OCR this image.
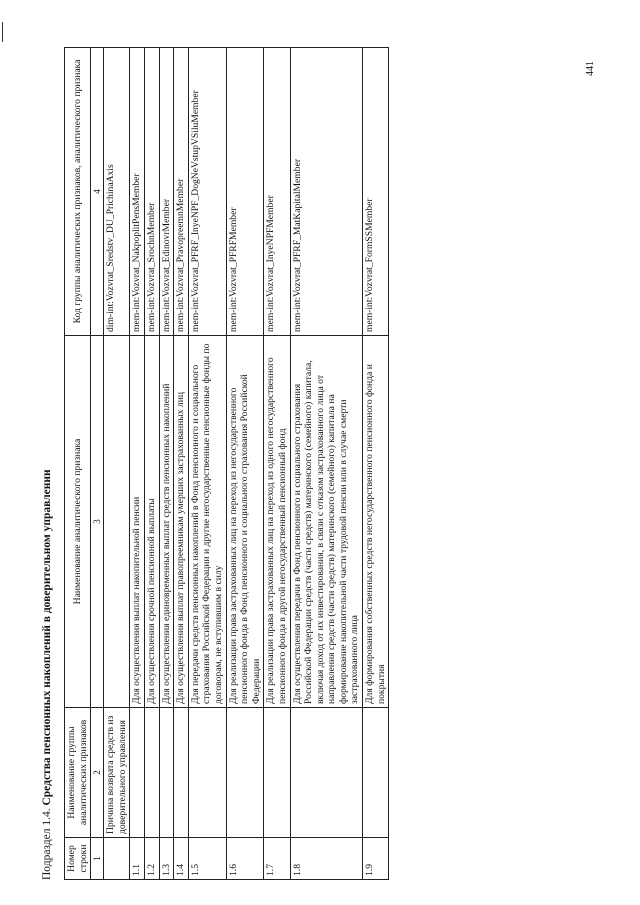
441
Подраздел 1.4. Средства пенсионных накоплений в доверительном управлении
Номер строки	Наименование группы аналитических признаков	Наименование аналитического признака	Код группы аналитических признаков, аналитического признака
1	2	3	4
	Причина возврата средств из доверительного управления		dim-int:Vozvrat_Sredstv_DU_PrichinaAxis
1.1		Для осуществления выплат накопительной пенсии	mem-int:Vozvrat_NakpoplitPensMember
1.2		Для осуществления срочной пенсионной выплаты	mem-int:Vozvrat_SrochnMember
1.3		Для осуществления единовременных выплат средств пенсионных накоплений	mem-int:Vozvrat_EdinovrMember
1.4		Для осуществления выплат правопреемникам умерших застрахованных лиц	mem-int:Vozvrat_PravopreemnMember
1.5		Для передачи средств пенсионных накоплений в Фонд пенсионного и социального страхования Российской Федерации и другие негосударственные пенсионные фонды по договорам, не вступившим в силу	mem-int:Vozvrat_PFRF_InyeNPF_DogNeVstupVSiluMember
1.6		Для реализации права застрахованных лиц на переход из негосударственного пенсионного фонда в Фонд пенсионного и социального страхования Российской Федерации	mem-int:Vozvrat_PFRFMember
1.7		Для реализации права застрахованных лиц на переход из одного негосударственного пенсионного фонда в другой негосударственный пенсионный фонд	mem-int:Vozvrat_InyeNPFMember
1.8		Для осуществления передачи в Фонд пенсионного и социального страхования Российской Федерации средств (части средств) материнского (семейного) капитала, включая доход от их инвестирования, в связи с отказом застрахованного лица от направления средств (части средств) материнского (семейного) капитала на формирование накопительной части трудовой пенсии или в случае смерти застрахованного лица	mem-int:Vozvrat_PFRF_MatKapitalMember
1.9		Для формирования собственных средств негосударственного пенсионного фонда и покрытия	mem-int:Vozvrat_FormSSMember
